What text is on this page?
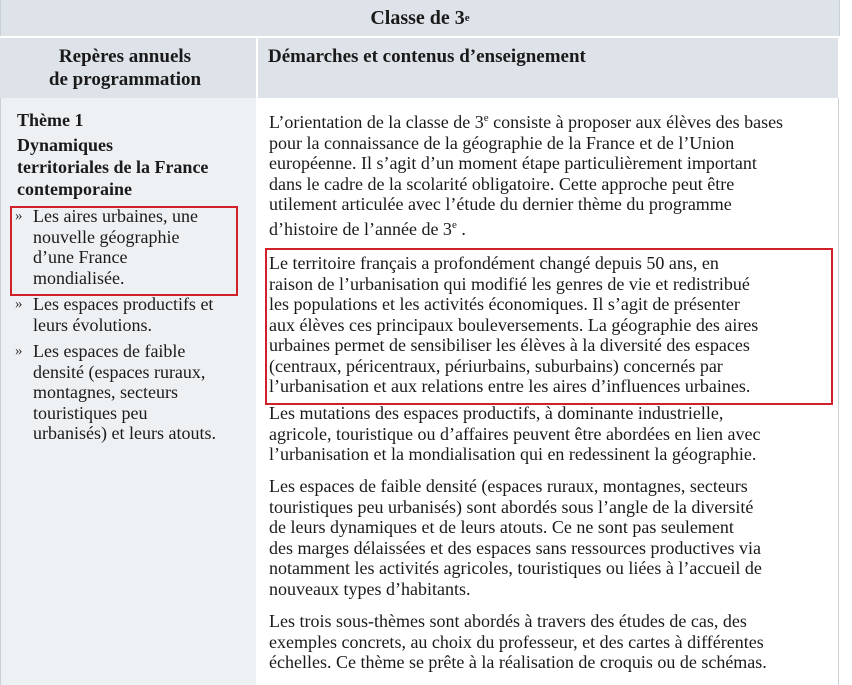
Classe de 3 e
Repères annuels
de programmation
Démarches et contenus d’enseignement
Thème 1
Dynamiques
territoriales de la France
contemporaine
» Les aires urbaines, une
nouvelle géographie
d’une France
mondialisée.
» Les espaces productifs et
leurs évolutions.
» Les espaces de faible
densité (espaces ruraux,
montagnes, secteurs
touristiques peu
urbanisés) et leurs atouts.
L’orientation de la classe de 3e consiste à proposer aux élèves des bases
pour la connaissance de la géographie de la France et de l’Union
européenne. Il s’agit d’un moment étape particulièrement important
dans le cadre de la scolarité obligatoire. Cette approche peut être
utilement articulée avec l’étude du dernier thème du programme
d’histoire de l’année de 3e .
Le territoire français a profondément changé depuis 50 ans, en
raison de l’urbanisation qui modifié les genres de vie et redistribué
les populations et les activités économiques. Il s’agit de présenter
aux élèves ces principaux bouleversements. La géographie des aires
urbaines permet de sensibiliser les élèves à la diversité des espaces
(centraux, péricentraux, périurbains, suburbains) concernés par
l’urbanisation et aux relations entre les aires d’influences urbaines.
Les mutations des espaces productifs, à dominante industrielle,
agricole, touristique ou d’affaires peuvent être abordées en lien avec
l’urbanisation et la mondialisation qui en redessinent la géographie.
Les espaces de faible densité (espaces ruraux, montagnes, secteurs
touristiques peu urbanisés) sont abordés sous l’angle de la diversité
de leurs dynamiques et de leurs atouts. Ce ne sont pas seulement
des marges délaissées et des espaces sans ressources productives via
notamment les activités agricoles, touristiques ou liées à l’accueil de
nouveaux types d’habitants.
Les trois sous-thèmes sont abordés à travers des études de cas, des
exemples concrets, au choix du professeur, et des cartes à différentes
échelles. Ce thème se prête à la réalisation de croquis ou de schémas.
